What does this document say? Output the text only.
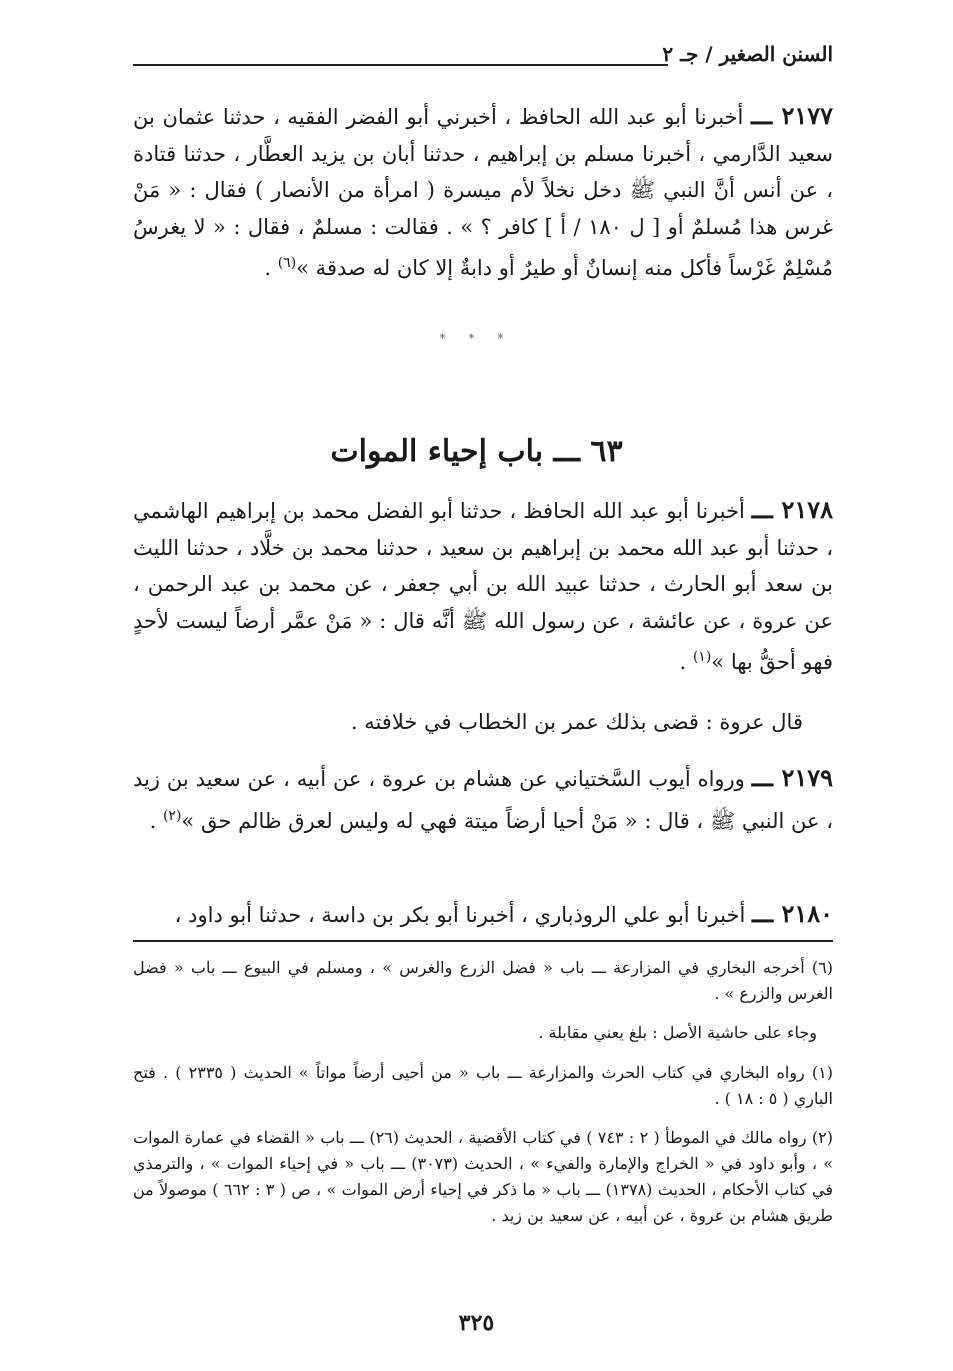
السنن الصغير / جـ ٢

٢١٧٧ ـــ أخبرنا أبو عبد الله الحافظ ، أخبرني أبو الفضر الفقيه ، حدثنا عثمان بن سعيد الدَّارمي ، أخبرنا مسلم بن إبراهيم ، حدثنا أبان بن يزيد العطَّار ، حدثنا قتادة ، عن أنس أنَّ النبي ﷺ دخل نخلاً لأم ميسرة ( امرأة من الأنصار ) فقال : « مَنْ غرس هذا مُسلمٌ أو [ ل ١٨٠ / أ ] كافر ؟ » . فقالت : مسلمٌ ، فقال : « لا يغرسُ مُسْلِمٌ غَرْساً فأكل منه إنسانٌ أو طيرٌ أو دابةٌ إلا كان له صدقة »$^{(٦)}$ .

* * *
٦٣ ـــ باب إحياء الموات

٢١٧٨ ـــ أخبرنا أبو عبد الله الحافظ ، حدثنا أبو الفضل محمد بن إبراهيم الهاشمي ، حدثنا أبو عبد الله محمد بن إبراهيم بن سعيد ، حدثنا محمد بن خلَّاد ، حدثنا الليث بن سعد أبو الحارث ، حدثنا عبيد الله بن أبي جعفر ، عن محمد بن عبد الرحمن ، عن عروة ، عن عائشة ، عن رسول الله ﷺ أنَّه قال : « مَنْ عمَّر أرضاً ليست لأحدٍ فهو أحقُّ بها »$^{(١)}$ .

قال عروة : قضى بذلك عمر بن الخطاب في خلافته .

٢١٧٩ ـــ ورواه أيوب السَّختياني عن هشام بن عروة ، عن أبيه ، عن سعيد بن زيد ، عن النبي ﷺ ، قال : « مَنْ أحيا أرضاً ميتة فهي له وليس لعرق ظالم حق »$^{(٢)}$ .

٢١٨٠ ـــ أخبرنا أبو علي الروذباري ، أخبرنا أبو بكر بن داسة ، حدثنا أبو داود ،

(٦) أخرجه البخاري في المزارعة ـــ باب « فضل الزرع والغرس » ، ومسلم في البيوع ـــ باب « فضل الغرس والزرع » .

وجاء على حاشية الأصل : بلغ يعني مقابلة .

(١) رواه البخاري في كتاب الحرث والمزارعة ـــ باب « من أحيى أرضاً مواتاً » الحديث ( ٢٣٣٥ ) . فتح الباري ( ٥ : ١٨ ) .

(٢) رواه مالك في الموطأ ( ٢ : ٧٤٣ ) في كتاب الأقضية ، الحديث (٢٦) ـــ باب « القضاء في عمارة الموات » ، وأبو داود في « الخراج والإمارة والفيء » ، الحديث (٣٠٧٣) ـــ باب « في إحياء الموات » ، والترمذي في كتاب الأحكام ، الحديث (١٣٧٨) ـــ باب « ما ذكر في إحياء أرض الموات » ، ص ( ٣ : ٦٦٢ ) موصولاً من طريق هشام بن عروة ، عن أبيه ، عن سعيد بن زيد .

٣٢٥
